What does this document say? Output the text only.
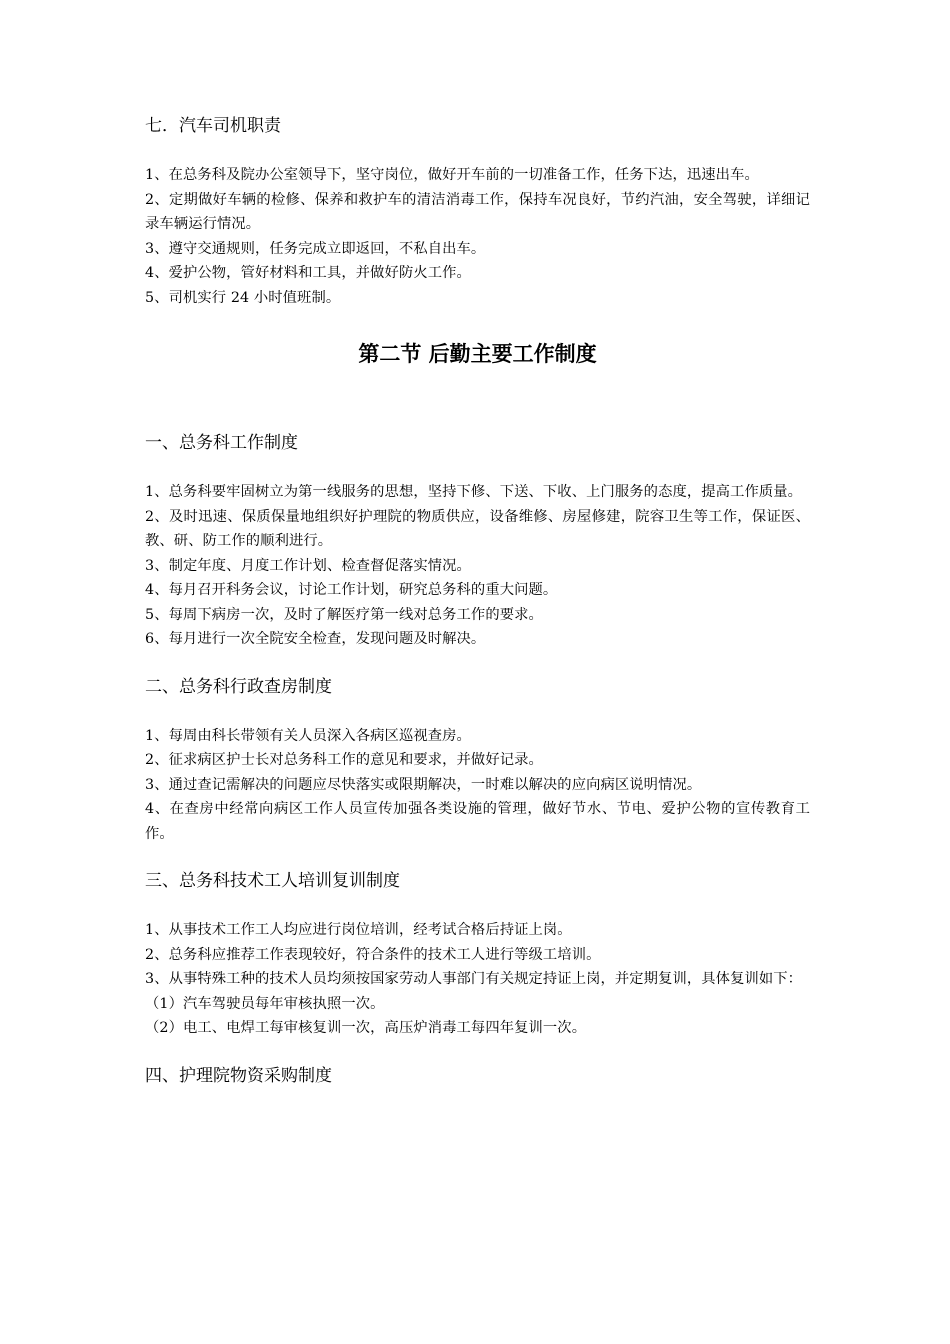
七．汽车司机职责

1、在总务科及院办公室领导下，坚守岗位，做好开车前的一切准备工作，任务下达，迅速出车。

2、定期做好车辆的检修、保养和救护车的清洁消毒工作，保持车况良好，节约汽油，安全驾驶，详细记录车辆运行情况。

3、遵守交通规则，任务完成立即返回，不私自出车。

4、爱护公物，管好材料和工具，并做好防火工作。

5、司机实行 24 小时值班制。

第二节 后勤主要工作制度

一、总务科工作制度

1、总务科要牢固树立为第一线服务的思想，坚持下修、下送、下收、上门服务的态度，提高工作质量。

2、及时迅速、保质保量地组织好护理院的物质供应，设备维修、房屋修建，院容卫生等工作，保证医、教、研、防工作的顺利进行。

3、制定年度、月度工作计划、检查督促落实情况。

4、每月召开科务会议，讨论工作计划，研究总务科的重大问题。

5、每周下病房一次，及时了解医疗第一线对总务工作的要求。

6、每月进行一次全院安全检查，发现问题及时解决。

二、总务科行政查房制度

1、每周由科长带领有关人员深入各病区巡视查房。

2、征求病区护士长对总务科工作的意见和要求，并做好记录。

3、通过查记需解决的问题应尽快落实或限期解决，一时难以解决的应向病区说明情况。

4、在查房中经常向病区工作人员宣传加强各类设施的管理，做好节水、节电、爱护公物的宣传教育工作。

三、总务科技术工人培训复训制度

1、从事技术工作工人均应进行岗位培训，经考试合格后持证上岗。

2、总务科应推荐工作表现较好，符合条件的技术工人进行等级工培训。

3、从事特殊工种的技术人员均须按国家劳动人事部门有关规定持证上岗，并定期复训，具体复训如下：

（1）汽车驾驶员每年审核执照一次。

（2）电工、电焊工每审核复训一次，高压炉消毒工每四年复训一次。

四、护理院物资采购制度
